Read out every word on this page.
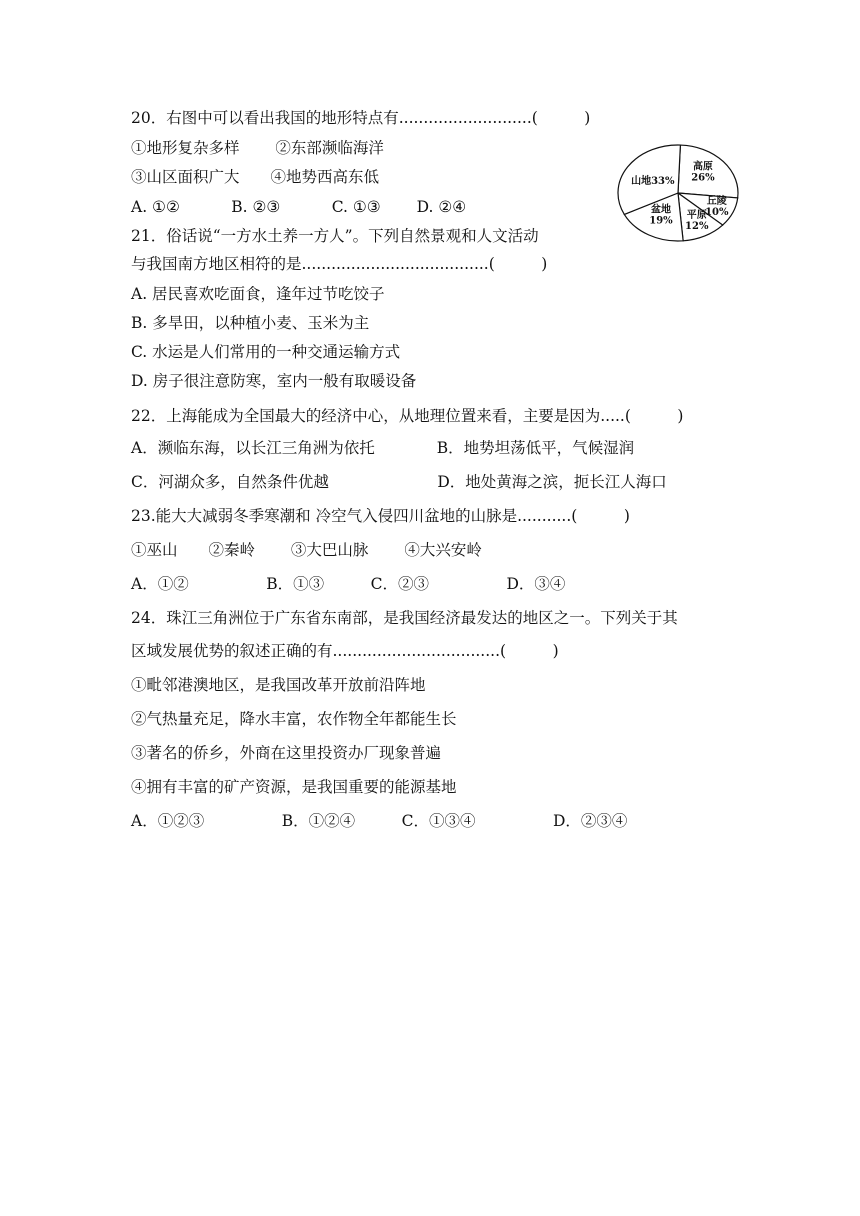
20．右图中可以看出我国的地形特点有...........................(　　　)
①地形复杂多样　　 ②东部濒临海洋
③山区面积广大　　④地势西高东低
A. ①②　　　 B. ②③　　　 C. ①③　　 D. ②④
高原
26%
丘陵
10%
平原
12%
盆地
19%
山地33%
21．俗话说“一方水土养一方人”。下列自然景观和人文活动
与我国南方地区相符的是......................................(　　　)
A. 居民喜欢吃面食，逢年过节吃饺子
B. 多旱田，以种植小麦、玉米为主
C. 水运是人们常用的一种交通运输方式
D. 房子很注意防寒，室内一般有取暖设备
22．上海能成为全国最大的经济中心，从地理位置来看，主要是因为.....(　　　)
A．濒临东海，以长江三角洲为依托　　　　B．地势坦荡低平，气候湿润
C．河湖众多，自然条件优越　　　　　　　D．地处黄海之滨，扼长江人海口
23.能大大减弱冬季寒潮和 冷空气入侵四川盆地的山脉是...........(　　　)
①巫山　　②秦岭　　 ③大巴山脉　　 ④大兴安岭
A．①②　　　　　B．①③　　　C．②③　　　　　D．③④
24．珠江三角洲位于广东省东南部，是我国经济最发达的地区之一。下列关于其
区域发展优势的叙述正确的有..................................(　　　)
①毗邻港澳地区，是我国改革开放前沿阵地
②气热量充足，降水丰富，农作物全年都能生长
③著名的侨乡，外商在这里投资办厂现象普遍
④拥有丰富的矿产资源，是我国重要的能源基地
A．①②③　　　　　B．①②④　　　C．①③④　　　　　D．②③④
